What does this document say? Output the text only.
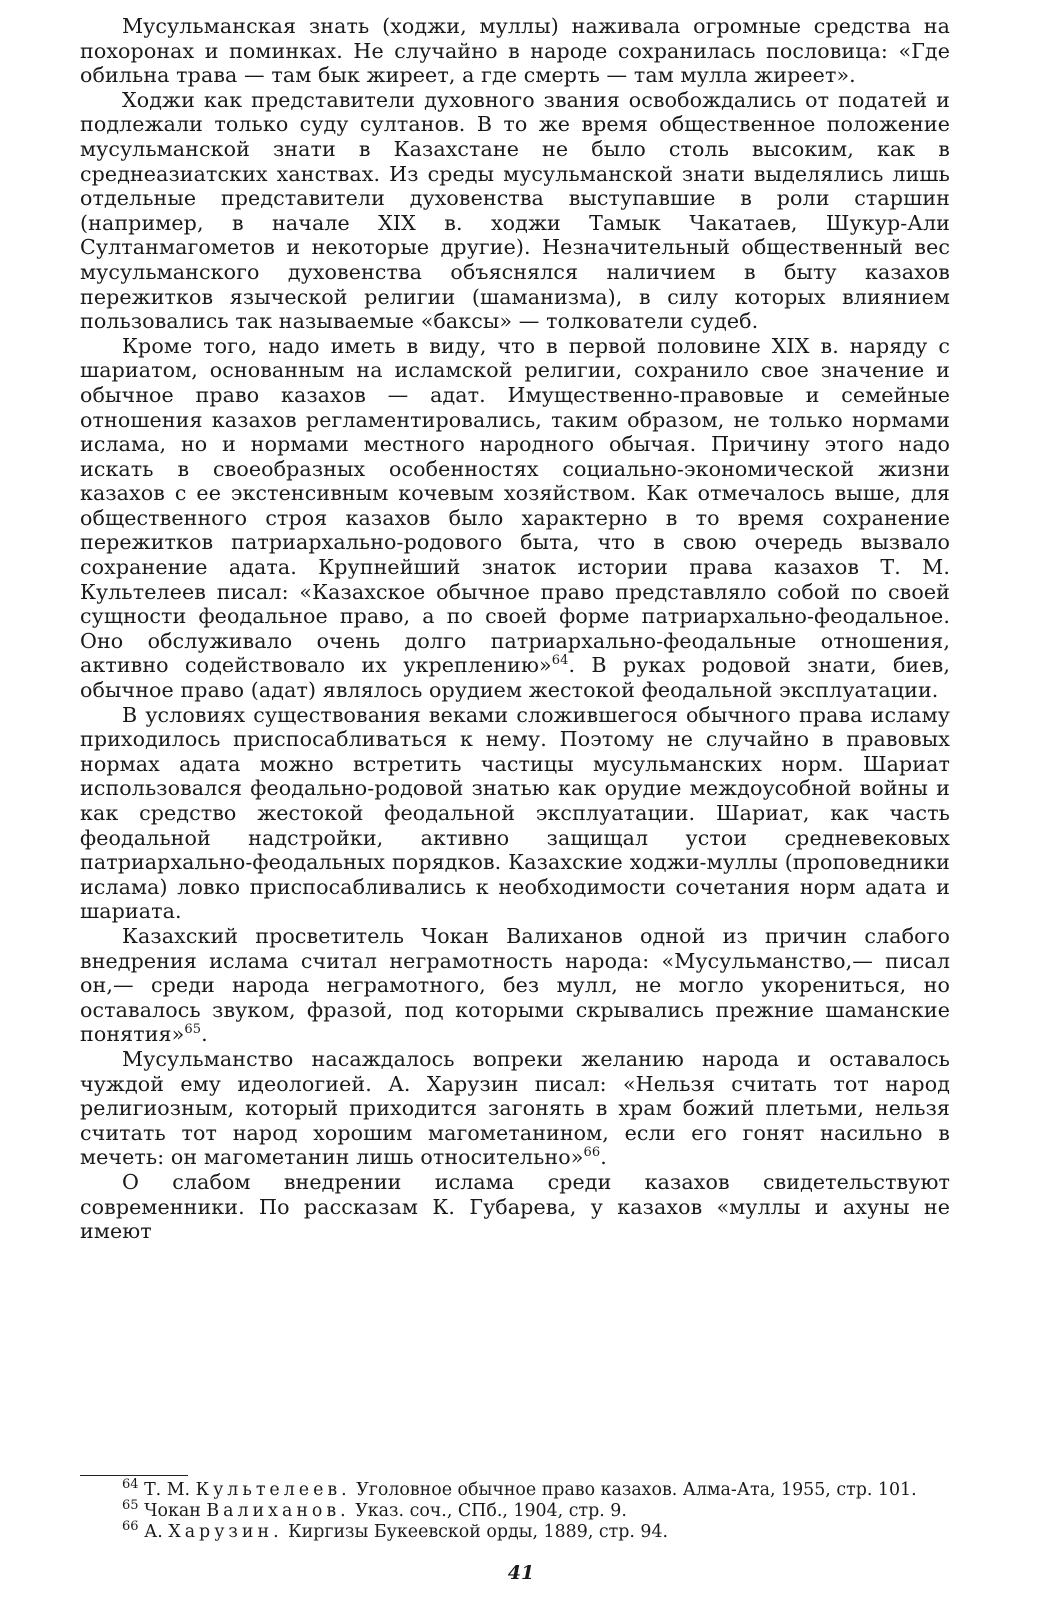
Мусульманская знать (ходжи, муллы) наживала огромные средства на похоронах и поминках. Не случайно в народе сохранилась пословица: «Где обильна трава — там бык жиреет, а где смерть — там мулла жиреет».

Ходжи как представители духовного звания освобождались от податей и подлежали только суду султанов. В то же время общественное положение мусульманской знати в Казахстане не было столь высоким, как в среднеазиатских ханствах. Из среды мусульманской знати выделялись лишь отдельные представители духовенства выступавшие в роли старшин (например, в начале XIX в. ходжи Тамык Чакатаев, Шукур-Али Султанмагометов и некоторые другие). Незначительный общественный вес мусульманского духовенства объяснялся наличием в быту казахов пережитков языческой религии (шаманизма), в силу которых влиянием пользовались так называемые «баксы» — толкователи судеб.

Кроме того, надо иметь в виду, что в первой половине XIX в. наряду с шариатом, основанным на исламской религии, сохранило свое значение и обычное право казахов — адат. Имущественно-правовые и семейные отношения казахов регламентировались, таким образом, не только нормами ислама, но и нормами местного народного обычая. Причину этого надо искать в своеобразных особенностях социально-экономической жизни казахов с ее экстенсивным кочевым хозяйством. Как отмечалось выше, для общественного строя казахов было характерно в то время сохранение пережитков патриархально-родового быта, что в свою очередь вызвало сохранение адата. Крупнейший знаток истории права казахов Т. М. Культелеев писал: «Казахское обычное право представляло собой по своей сущности феодальное право, а по своей форме патриархально-феодальное. Оно обслуживало очень долго патриархально-феодальные отношения, активно содействовало их укреплению»$^{64}$. В руках родовой знати, биев, обычное право (адат) являлось орудием жестокой феодальной эксплуатации.

В условиях существования веками сложившегося обычного права исламу приходилось приспосабливаться к нему. Поэтому не случайно в правовых нормах адата можно встретить частицы мусульманских норм. Шариат использовался феодально-родовой знатью как орудие междоусобной войны и как средство жестокой феодальной эксплуатации. Шариат, как часть феодальной надстройки, активно защищал устои средневековых патриархально-феодальных порядков. Казахские ходжи-муллы (проповедники ислама) ловко приспосабливались к необходимости сочетания норм адата и шариата.

Казахский просветитель Чокан Валиханов одной из причин слабого внедрения ислама считал неграмотность народа: «Мусульманство,— писал он,— среди народа неграмотного, без мулл, не могло укорениться, но оставалось звуком, фразой, под которыми скрывались прежние шаманские понятия»$^{65}$.

Мусульманство насаждалось вопреки желанию народа и оставалось чуждой ему идеологией. А. Харузин писал: «Нельзя считать тот народ религиозным, который приходится загонять в храм божий плетьми, нельзя считать тот народ хорошим магометанином, если его гонят насильно в мечеть: он магометанин лишь относительно»$^{66}$.

О слабом внедрении ислама среди казахов свидетельствуют современники. По рассказам К. Губарева, у казахов «муллы и ахуны не имеют

$^{64}$ Т. М. Культелеев. Уголовное обычное право казахов. Алма-Ата, 1955, стр. 101.

$^{65}$ Чокан Валиханов. Указ. соч., СПб., 1904, стр. 9.

$^{66}$ А. Харузин. Киргизы Букеевской орды, 1889, стр. 94.

41
